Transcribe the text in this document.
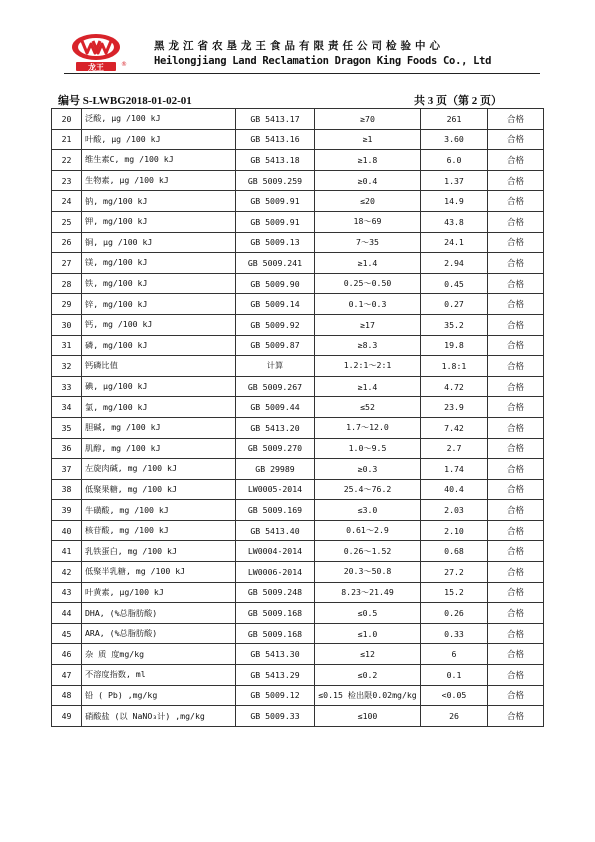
龙王	®
黑龙江省农垦龙王食品有限责任公司检验中心
Heilongjiang Land Reclamation Dragon King Foods Co., Ltd
编号 S-LWBG2018-01-02-01	共 3 页（第 2 页）
20	泛酸, μg /100 kJ	GB 5413.17	≥70	261	合格
21	叶酸, μg /100 kJ	GB 5413.16	≥1	3.60	合格
22	维生素C, mg /100 kJ	GB 5413.18	≥1.8	6.0	合格
23	生物素, μg /100 kJ	GB 5009.259	≥0.4	1.37	合格
24	钠, mg/100 kJ	GB 5009.91	≤20	14.9	合格
25	钾, mg/100 kJ	GB 5009.91	18～69	43.8	合格
26	铜, μg /100 kJ	GB 5009.13	7～35	24.1	合格
27	镁, mg/100 kJ	GB 5009.241	≥1.4	2.94	合格
28	铁, mg/100 kJ	GB 5009.90	0.25～0.50	0.45	合格
29	锌, mg/100 kJ	GB 5009.14	0.1～0.3	0.27	合格
30	钙, mg /100 kJ	GB 5009.92	≥17	35.2	合格
31	磷, mg/100 kJ	GB 5009.87	≥8.3	19.8	合格
32	钙磷比值	计算	1.2:1～2:1	1.8:1	合格
33	碘, μg/100 kJ	GB 5009.267	≥1.4	4.72	合格
34	氯, mg/100 kJ	GB 5009.44	≤52	23.9	合格
35	胆碱, mg /100 kJ	GB 5413.20	1.7～12.0	7.42	合格
36	肌醇, mg /100 kJ	GB 5009.270	1.0～9.5	2.7	合格
37	左旋肉碱, mg /100 kJ	GB 29989	≥0.3	1.74	合格
38	低聚果糖, mg /100 kJ	LW0005-2014	25.4～76.2	40.4	合格
39	牛磺酸, mg /100 kJ	GB 5009.169	≤3.0	2.03	合格
40	核苷酸, mg /100 kJ	GB 5413.40	0.61～2.9	2.10	合格
41	乳铁蛋白, mg /100 kJ	LW0004-2014	0.26～1.52	0.68	合格
42	低聚半乳糖, mg /100 kJ	LW0006-2014	20.3～50.8	27.2	合格
43	叶黄素, μg/100 kJ	GB 5009.248	8.23～21.49	15.2	合格
44	DHA, (%总脂肪酸)	GB 5009.168	≤0.5	0.26	合格
45	ARA, (%总脂肪酸)	GB 5009.168	≤1.0	0.33	合格
46	杂 质 度mg/kg	GB 5413.30	≤12	6	合格
47	不溶度指数, ml	GB 5413.29	≤0.2	0.1	合格
48	铅 ( Pb) ,mg/kg	GB 5009.12	≤0.15 检出限0.02mg/kg	<0.05	合格
49	硝酸盐 (以 NaNO₃计) ,mg/kg	GB 5009.33	≤100	26	合格
